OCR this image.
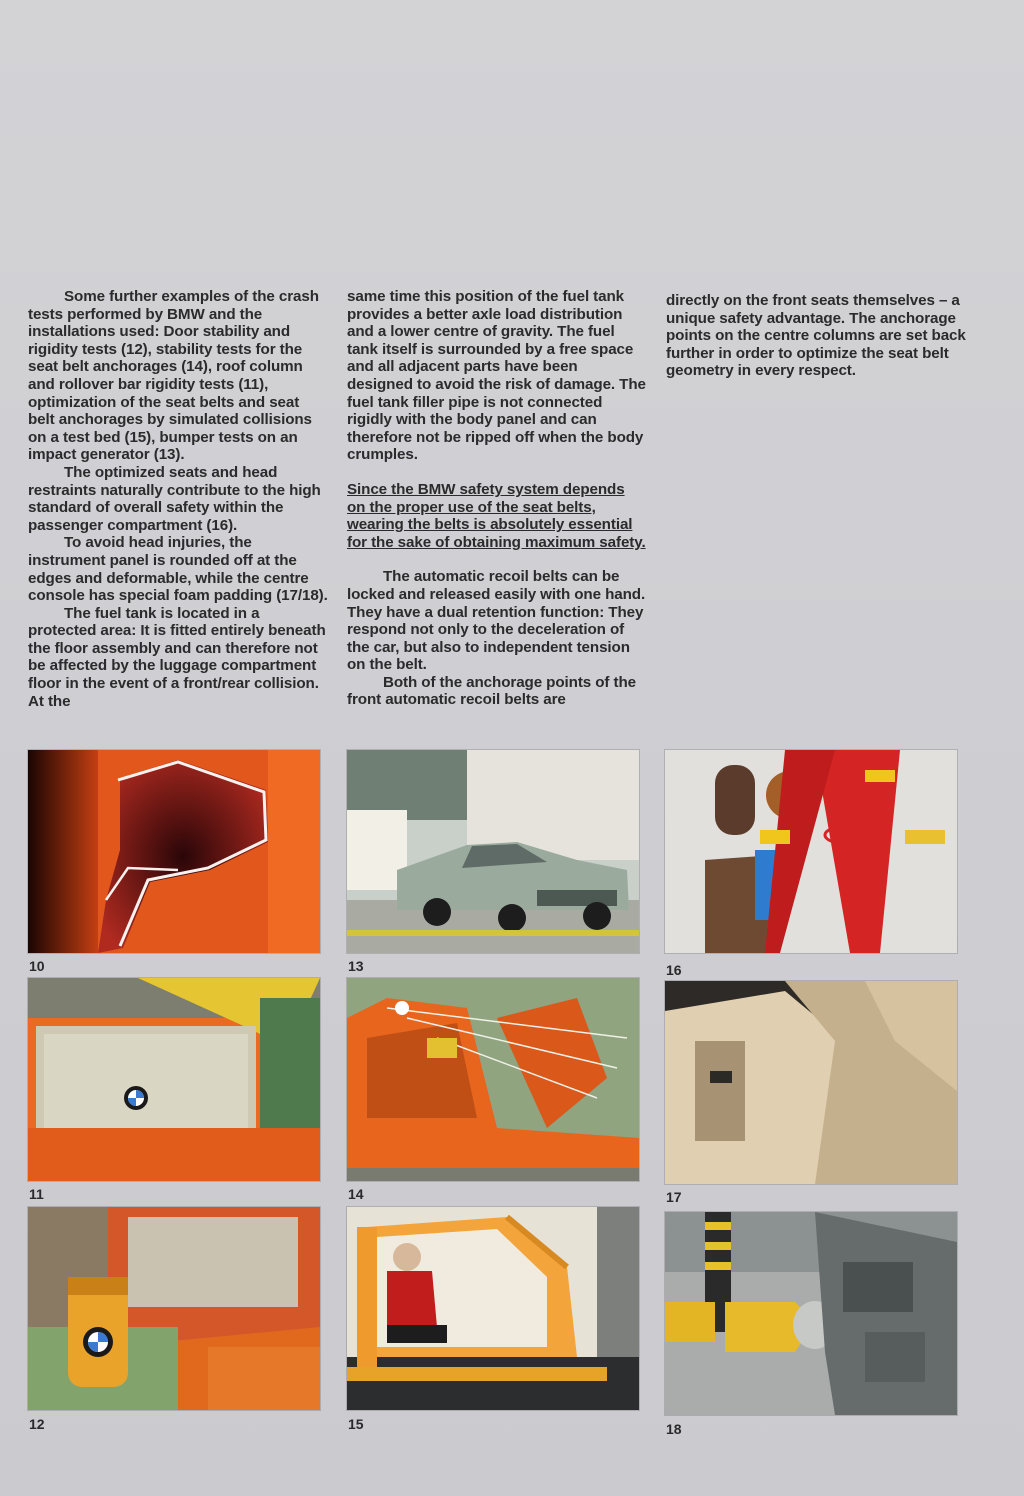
Some further examples of the crash tests performed by BMW and the installations used: Door stability and rigidity tests (12), stability tests for the seat belt anchorages (14), roof column and rollover bar rigidity tests (11), optimization of the seat belts and seat belt anchorages by simulated collisions on a test bed (15), bumper tests on an impact generator (13).

The optimized seats and head restraints naturally contribute to the high standard of overall safety within the passenger compartment (16).

To avoid head injuries, the instrument panel is rounded off at the edges and deformable, while the centre console has special foam padding (17/18).

The fuel tank is located in a protected area: It is fitted entirely beneath the floor assembly and can therefore not be affected by the luggage compartment floor in the event of a front/rear collision. At the

same time this position of the fuel tank provides a better axle load distribution and a lower centre of gravity. The fuel tank itself is surrounded by a free space and all adjacent parts have been designed to avoid the risk of damage. The fuel tank filler pipe is not connected rigidly with the body panel and can therefore not be ripped off when the body crumples.

Since the BMW safety system depends on the proper use of the seat belts, wearing the belts is absolutely essential for the sake of obtaining maximum safety.

The automatic recoil belts can be locked and released easily with one hand. They have a dual retention function: They respond not only to the deceleration of the car, but also to independent tension on the belt.

Both of the anchorage points of the front automatic recoil belts are

directly on the front seats themselves – a unique safety advantage. The anchorage points on the centre columns are set back further in order to optimize the seat belt geometry in every respect.

10
11
12
13
14
15
16
17
18
